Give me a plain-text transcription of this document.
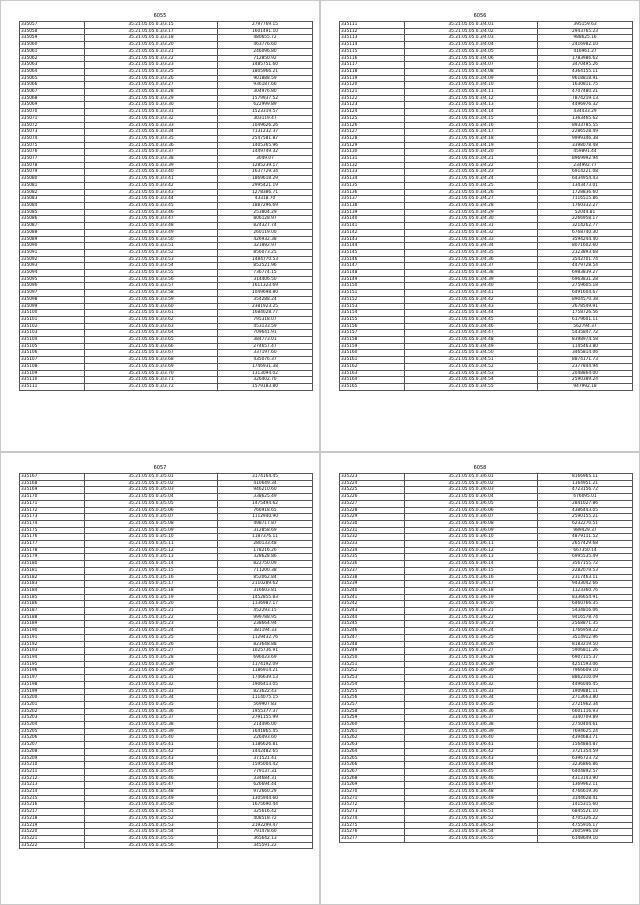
6055
335057	35.21.05.05.0.3/3.15	2797769.15
335058	35.21.05.05.0.3/3.17	1601491.10
335059	35.21.05.05.0.3/3.18	480655.72
335060	35.21.05.05.0.3/3.20	463776.60
335061	35.21.05.05.0.3/3.21	246096.80
335062	35.21.05.05.0.3/3.22	712850.92
335063	35.21.05.05.0.3/3.23	1485751.60
335064	35.21.05.05.0.3/3.25	1805966.21
335065	35.21.05.05.0.3/3.26	901888.59
335066	35.21.05.05.0.3/3.27	936187.66
335067	35.21.05.05.0.3/3.28	304976.80
335068	35.21.05.05.0.3/3.29	1579937.52
335069	35.21.05.05.0.3/3.30	622999.89
335070	35.21.05.05.0.3/3.31	1523319.57
335071	35.21.05.05.0.3/3.32	303119.47
335072	35.21.05.05.0.3/3.33	1049626.26
335073	35.21.05.05.0.3/3.34	7131232.37
335074	35.21.05.05.0.3/3.35	2547581.87
335075	35.21.05.05.0.3/3.36	1405365.96
335076	35.21.05.05.0.3/3.37	1449749.32
335077	35.21.05.05.0.3/3.38	3049.07
335078	35.21.05.05.0.3/3.39	1285239.17
335079	35.21.05.05.0.3/3.40	1637729.34
335080	35.21.05.05.0.3/3.41	1869618.29
335081	35.21.05.05.0.3/3.42	2995421.19
335082	35.21.05.05.0.3/3.43	1278386.71
335083	35.21.05.05.0.3/3.44	43318.70
335084	35.21.05.05.0.3/3.45	1887296.69
335085	35.21.05.05.0.3/3.46	253804.29
335086	35.21.05.05.0.3/3.47	806128.97
335087	35.21.05.05.0.3/3.48	824327.74
335088	35.21.05.05.0.3/3.49	260119.00
335089	35.21.05.05.0.3/3.50	426932.38
335090	35.21.05.05.0.3/3.51	321892.97
335091	35.21.05.05.0.3/3.52	856073.25
335092	35.21.05.05.0.3/3.53	1484770.53
335093	35.21.05.05.0.3/3.54	852521.96
335094	35.21.05.05.0.3/3.55	736774.15
335095	35.21.05.05.0.3/3.56	314406.50
335096	35.21.05.05.0.3/3.57	1611323.69
335097	35.21.05.05.0.3/3.58	1049698.80
335098	35.21.05.05.0.3/3.59	354288.24
335099	35.21.05.05.0.3/3.60	2381923.25
335100	35.21.05.05.0.3/3.61	1684028.77
335101	35.21.05.05.0.3/3.62	795318.07
335102	35.21.05.05.0.3/3.63	453133.59
335103	35.21.05.05.0.3/3.64	709641.91
335104	35.21.05.05.0.3/3.65	384773.01
335105	35.21.05.05.0.3/3.66	274657.47
335106	35.21.05.05.0.3/3.67	337197.60
335107	35.21.05.05.0.3/3.68	435076.37
335108	35.21.05.05.0.3/3.69	1746931.38
335109	35.21.05.05.0.3/3.70	1313094.02
335110	35.21.05.05.0.3/3.71	326402.70
335111	35.21.05.05.0.3/3.72	1579183.80
6056
335111	35.21.05.05.0.3/4.01	395159.63
335112	35.21.05.05.0.3/4.02	2943765.23
335113	35.21.05.05.0.3/4.03	988625.16
335114	35.21.05.05.0.3/4.04	2416982.10
335115	35.21.05.05.0.3/4.05	416961.27
335116	35.21.05.05.0.3/4.06	1783986.62
335117	35.21.05.05.0.3/4.07	3470495.26
335118	35.21.05.05.0.3/4.08	4364155.11
335119	35.21.05.05.0.3/4.09	9618818.91
335120	35.21.05.05.0.3/4.10	1630811.75
335121	35.21.05.05.0.3/4.11	4707480.21
335122	35.21.05.05.0.3/4.12	7874219.13
335123	35.21.05.05.0.3/4.13	4496976.32
335124	35.21.05.05.0.3/4.14	434433.29
335125	35.21.05.05.0.3/4.15	1363465.62
335126	35.21.05.05.0.3/4.16	8933785.55
335127	35.21.05.05.0.3/4.17	2286528.49
335128	35.21.05.05.0.3/4.18	9999346.38
335129	35.21.05.05.0.3/4.19	3398078.48
335130	35.21.05.05.0.3/4.20	459891.44
335131	35.21.05.05.0.3/4.21	8969992.94
335132	35.21.05.05.0.3/4.22	234992.77
335133	35.21.05.05.0.3/4.23	6914221.08
335134	35.21.05.05.0.3/4.24	6434954.43
335135	35.21.05.05.0.3/4.25	1343473.01
335136	35.21.05.05.0.3/4.26	1728836.60
335137	35.21.05.05.0.3/4.27	7116515.86
335138	35.21.05.05.0.3/4.28	1760332.27
335139	35.21.05.05.0.3/4.29	52044.81
335140	35.21.05.05.0.3/4.30	2266958.17
335141	35.21.05.05.0.3/4.31	3214262.77
335142	35.21.05.05.0.3/4.32	6768740.30
335143	35.21.05.05.0.3/4.33	3594244.40
335144	35.21.05.05.0.3/4.34	8071602.60
335145	35.21.05.05.0.3/4.35	2323893.68
335146	35.21.05.05.0.3/4.36	3542701.74
335147	35.21.05.05.0.3/4.37	4479728.54
335148	35.21.05.05.0.3/4.38	6983839.27
335149	35.21.05.05.0.3/4.39	6963831.28
335150	35.21.05.05.0.3/4.40	2759605.18
335151	35.21.05.05.0.3/4.41	6491604.67
335152	35.21.05.05.0.3/4.42	8904570.38
335153	35.21.05.05.0.3/4.43	2678549.91
335154	35.21.05.05.0.3/4.44	1758726.56
335155	35.21.05.05.0.3/4.45	6179601.11
335156	35.21.05.05.0.3/4.46	562794.37
335157	35.21.05.05.0.3/4.47	5435847.72
335158	35.21.05.05.0.3/4.48	8398974.58
335159	35.21.05.05.0.3/4.49	1145463.80
335160	35.21.05.05.0.3/4.50	3465814.06
335161	35.21.05.05.0.3/4.51	8874171.73
335162	35.21.05.05.0.3/4.52	2377844.94
335163	35.21.05.05.0.3/4.53	2048864.00
335164	35.21.05.05.0.3/4.54	2590389.24
335165	35.21.05.05.0.3/4.55	947992.18
6057
335167	35.21.05.05.0.3/5.01	3174164.45
335168	35.21.05.05.0.3/5.02	410649.34
335169	35.21.05.05.0.3/5.03	946210.60
335170	35.21.05.05.0.3/5.04	338625.49
335171	35.21.05.05.0.3/5.05	1475494.62
335172	35.21.05.05.0.3/5.06	766918.65
335173	35.21.05.05.0.3/5.07	1112940.90
335174	35.21.05.05.0.3/5.08	498717.87
335175	35.21.05.05.0.3/5.09	312858.69
335176	35.21.05.05.0.3/5.10	1187376.11
335177	35.21.05.05.0.3/5.11	280133.48
335178	35.21.05.05.0.3/5.12	178216.26
335179	35.21.05.05.0.3/5.13	328628.86
335180	35.21.05.05.0.3/5.14	822750.09
335181	35.21.05.05.0.3/5.15	711200.38
335182	35.21.05.05.0.3/5.16	852062.84
335183	35.21.05.05.0.3/5.17	2110289.62
335184	35.21.05.05.0.3/5.18	316603.81
335185	35.21.05.05.0.3/5.19	1452855.83
335186	35.21.05.05.0.3/5.20	1136987.17
335187	35.21.05.05.0.3/5.21	452293.15
335188	35.21.05.05.0.3/5.22	999788.95
335189	35.21.05.05.0.3/5.23	238664.94
335190	35.21.05.05.0.3/5.24	381194.33
335191	35.21.05.05.0.3/5.25	1129432.76
335192	35.21.05.05.0.3/5.26	823648.88
335193	35.21.05.05.0.3/5.27	1025736.91
335194	35.21.05.05.0.3/5.28	696023.69
335195	35.21.05.05.0.3/5.29	1174192.09
335196	35.21.05.05.0.3/5.30	1186914.21
335197	35.21.05.05.0.3/5.31	1746639.13
335198	35.21.05.05.0.3/5.32	1906413.05
335199	35.21.05.05.0.3/5.33	823622.43
335200	35.21.05.05.0.3/5.34	1114075.15
335201	35.21.05.05.0.3/5.35	569907.83
335202	35.21.05.05.0.3/5.36	1955377.37
335203	35.21.05.05.0.3/5.37	2791155.99
335204	35.21.05.05.0.3/5.38	214496.00
335205	35.21.05.05.0.3/5.39	1641865.45
335206	35.21.05.05.0.3/5.40	226493.60
335207	35.21.05.05.0.3/5.41	1186626.81
335208	35.21.05.05.0.3/5.42	1442482.65
335209	35.21.05.05.0.3/5.43	371521.41
335210	35.21.05.05.0.3/5.44	1595004.42
335211	35.21.05.05.0.3/5.45	779137.31
335212	35.21.05.05.0.3/5.46	334684.31
335213	35.21.05.05.0.3/5.47	626694.44
335214	35.21.05.05.0.3/5.48	972660.29
335215	35.21.05.05.0.3/5.49	1305944.60
335216	35.21.05.05.0.3/5.50	1675690.44
335217	35.21.05.05.0.3/5.51	325616.42
335218	35.21.05.05.0.3/5.52	408518.72
335219	35.21.05.05.0.3/5.53	2192299.47
335220	35.21.05.05.0.3/5.54	791478.60
335221	35.21.05.05.0.3/5.55	365642.13
335222	35.21.05.05.0.3/5.56	345591.22
6058
335223	35.21.05.05.0.3/6.01	8166965.11
335224	35.21.05.05.0.3/6.02	1164951.21
335225	35.21.05.05.0.3/6.03	4723156.72
335226	35.21.05.05.0.3/6.04	676095.01
335227	35.21.05.05.0.3/6.05	2841027.86
335228	35.21.05.05.0.3/6.06	4386443.05
335229	35.21.05.05.0.3/6.07	2590155.21
335230	35.21.05.05.0.3/6.08	6232270.51
335231	35.21.05.05.0.3/6.09	989429.37
335232	35.21.05.05.0.3/6.10	4879111.52
335233	35.21.05.05.0.3/6.11	2657429.68
335234	35.21.05.05.0.3/6.12	667350.14
335235	35.21.05.05.0.3/6.13	6995535.49
335236	35.21.05.05.0.3/6.14	3567155.72
335237	35.21.05.05.0.3/6.15	2282079.53
335238	35.21.05.05.0.3/6.16	2317463.11
335239	35.21.05.05.0.3/6.17	9433042.66
335240	35.21.05.05.0.3/6.18	1123360.76
335241	35.21.05.05.0.3/6.19	8336654.91
335242	35.21.05.05.0.3/6.20	6460766.35
335243	35.21.05.05.0.3/6.21	5434816.06
335244	35.21.05.05.0.3/6.22	9416578.74
335245	35.21.05.05.0.3/6.23	2568871.35
335246	35.21.05.05.0.3/6.24	1766958.22
335247	35.21.05.05.0.3/6.25	3514912.96
335248	35.21.05.05.0.3/6.26	8183219.50
335249	35.21.05.05.0.3/6.27	5906811.26
335250	35.21.05.05.0.3/6.28	6907115.37
335251	35.21.05.05.0.3/6.29	4251593.06
335252	35.21.05.05.0.3/6.30	7966609.10
335253	35.21.05.05.0.3/6.31	8862310.09
335254	35.21.05.05.0.3/6.32	4496046.45
335255	35.21.05.05.0.3/6.33	1909881.11
335256	35.21.05.05.0.3/6.34	2713663.80
335257	35.21.05.05.0.3/6.35	2721962.34
335258	35.21.05.05.0.3/6.36	6601116.93
335259	35.21.05.05.0.3/6.37	3340709.89
335260	35.21.05.05.0.3/6.38	2750404.61
335261	35.21.05.05.0.3/6.39	7694625.24
335262	35.21.05.05.0.3/6.40	4394683.71
335263	35.21.05.05.0.3/6.41	1564884.87
335264	35.21.05.05.0.3/6.42	3721354.59
335265	35.21.05.05.0.3/6.43	6396723.72
335266	35.21.05.05.0.3/6.44	3236866.86
335267	35.21.05.05.0.3/6.45	6404892.57
335268	35.21.05.05.0.3/6.46	4313143.90
335269	35.21.05.05.0.3/6.47	1369962.11
335270	35.21.05.05.0.3/6.48	4766619.36
335271	35.21.05.05.0.3/6.49	3144628.41
335272	35.21.05.05.0.3/6.50	1415315.60
335273	35.21.05.05.0.3/6.51	6845521.10
335274	35.21.05.05.0.3/6.52	4705326.22
335275	35.21.05.05.0.3/6.53	4755916.17
335276	35.21.05.05.0.3/6.54	2005996.18
335277	35.21.05.05.0.3/6.55	6148649.10
